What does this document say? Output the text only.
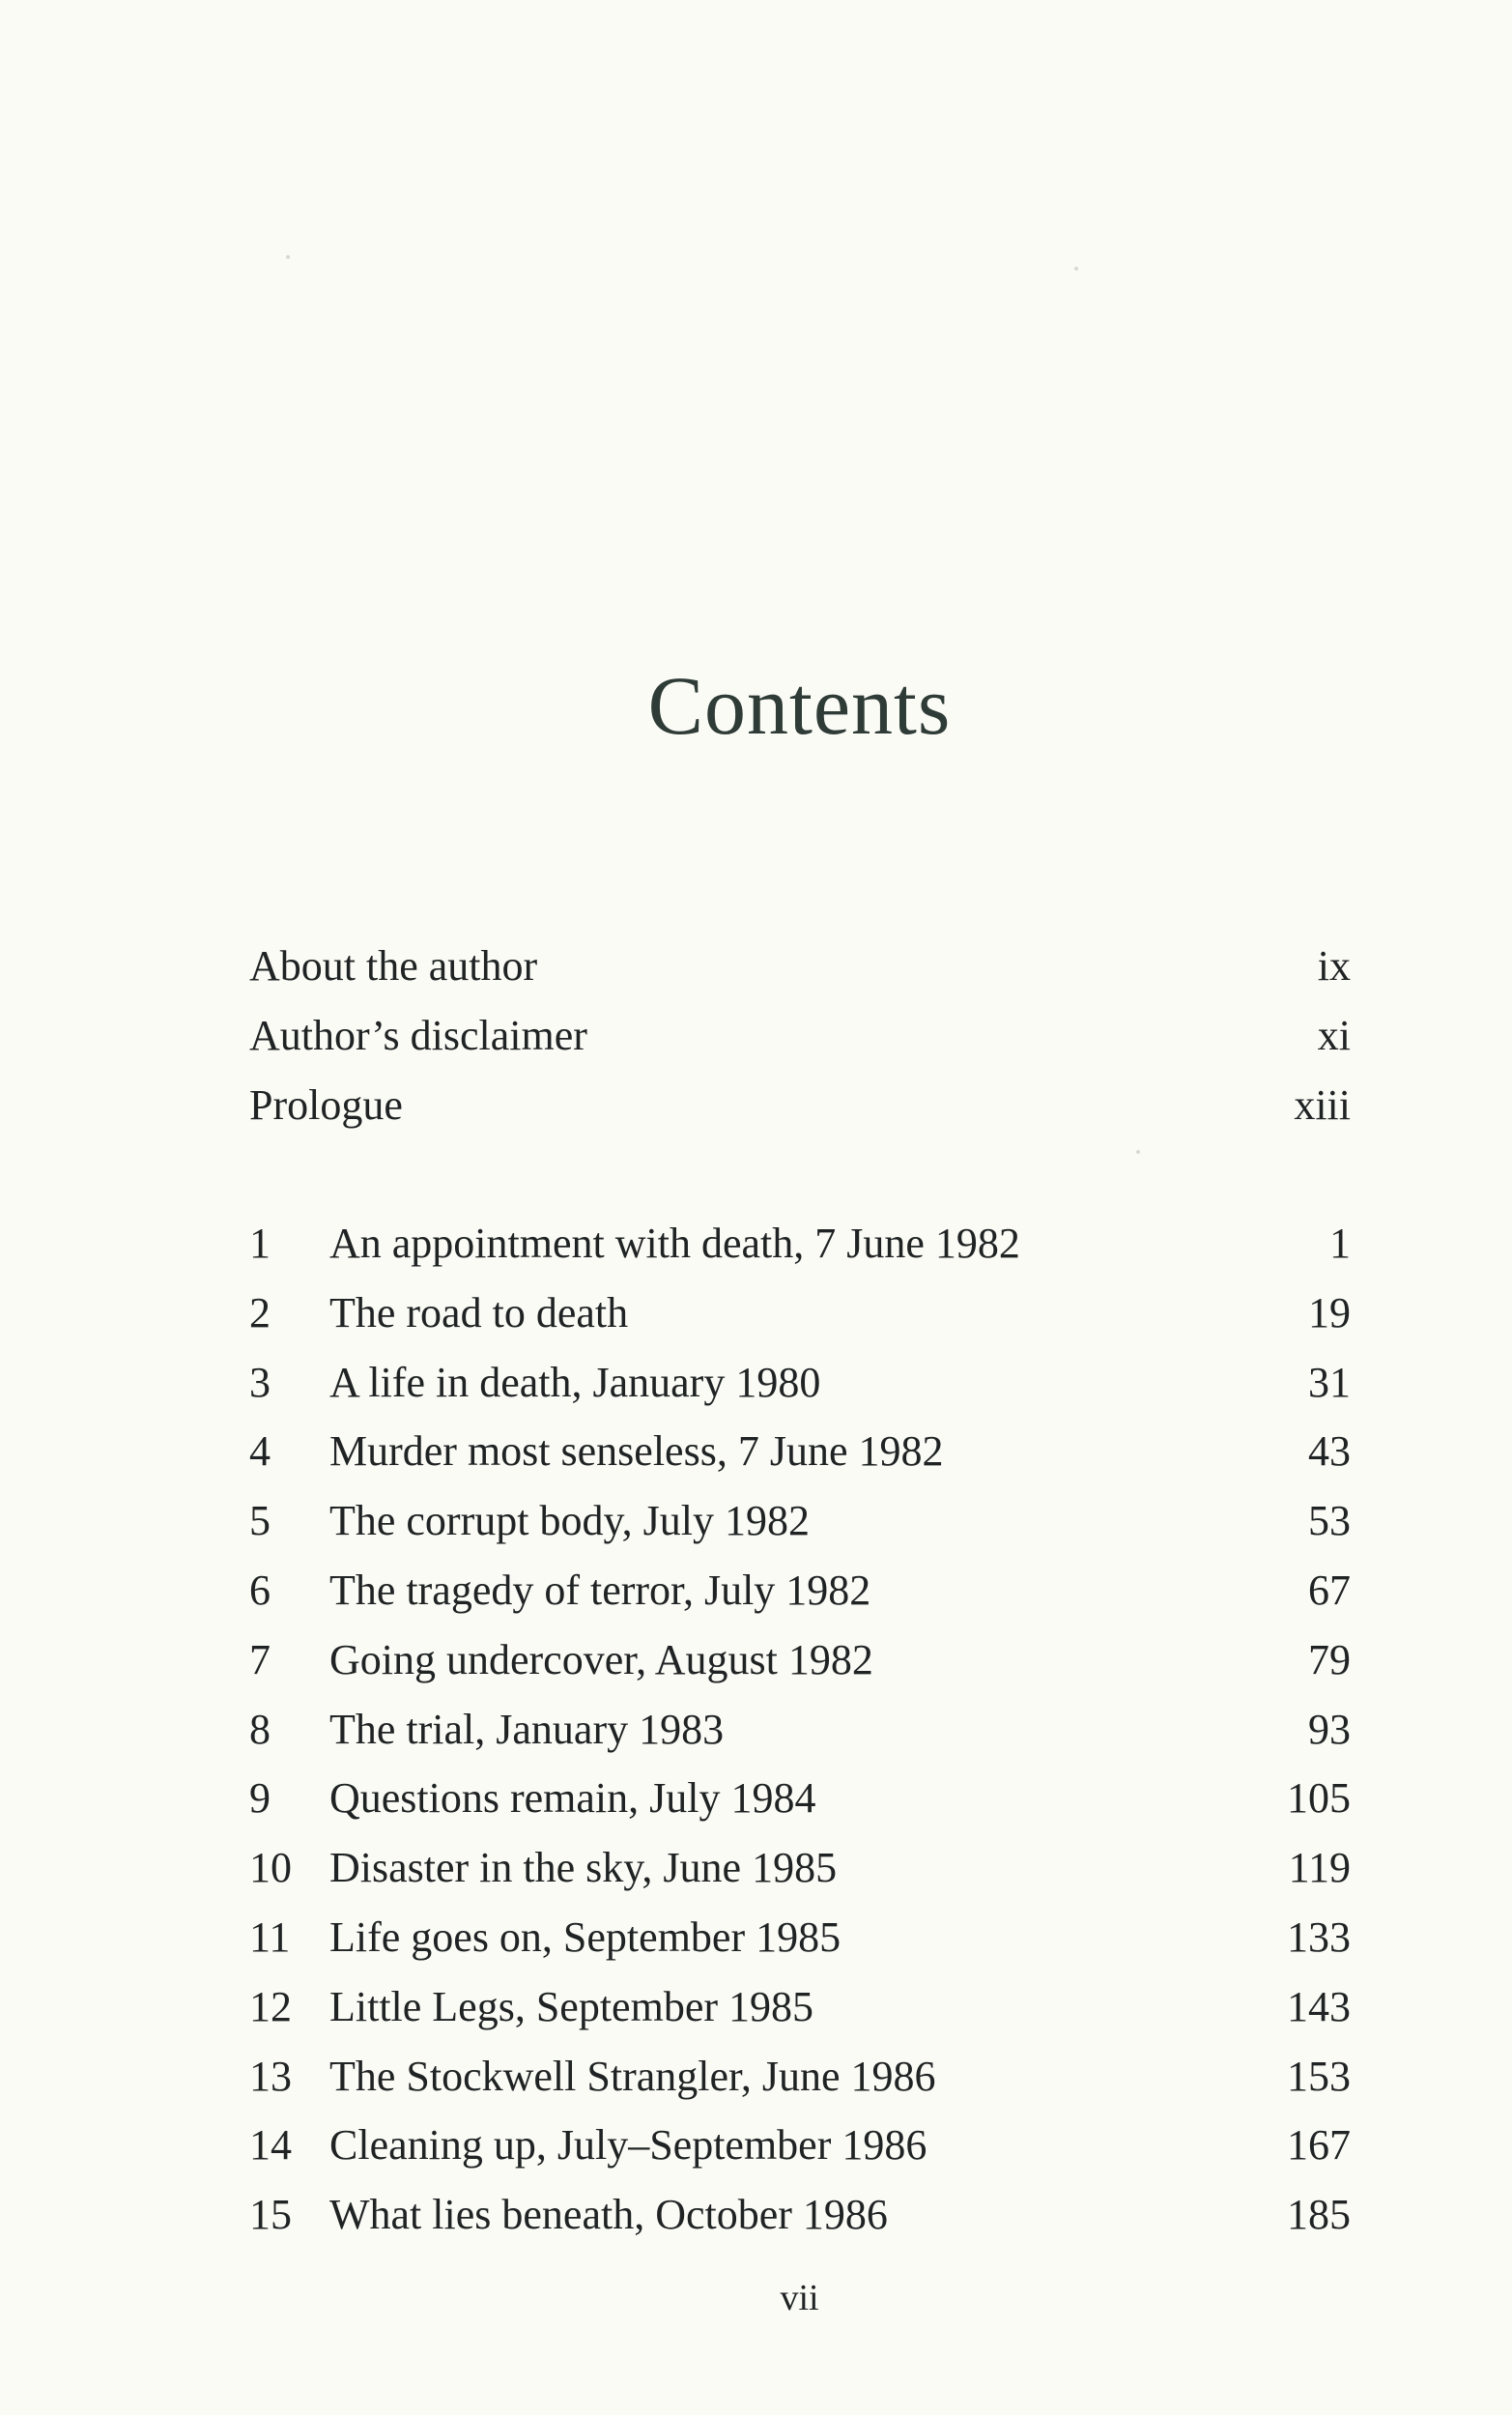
Contents
About the author	ix
Author’s disclaimer	xi
Prologue	xiii
1 An appointment with death, 7 June 1982	1
2 The road to death	19
3 A life in death, January 1980	31
4 Murder most senseless, 7 June 1982	43
5 The corrupt body, July 1982	53
6 The tragedy of terror, July 1982	67
7 Going undercover, August 1982	79
8 The trial, January 1983	93
9 Questions remain, July 1984	105
10 Disaster in the sky, June 1985	119
11 Life goes on, September 1985	133
12 Little Legs, September 1985	143
13 The Stockwell Strangler, June 1986	153
14 Cleaning up, July–September 1986	167
15 What lies beneath, October 1986	185
vii
